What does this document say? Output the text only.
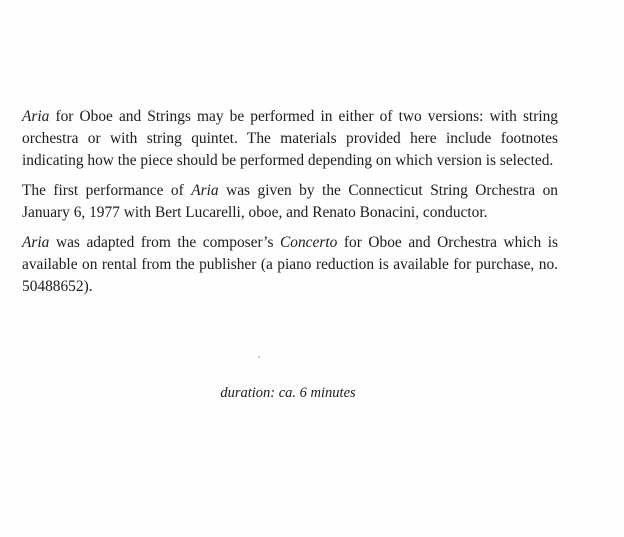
Aria for Oboe and Strings may be performed in either of two versions: with string orchestra or with string quintet. The materials provided here include footnotes indicating how the piece should be performed depending on which version is selected.

The first performance of Aria was given by the Connecticut String Orchestra on January 6, 1977 with Bert Lucarelli, oboe, and Renato Bonacini, conductor.

Aria was adapted from the composer’s Concerto for Oboe and Orchestra which is available on rental from the publisher (a piano reduction is available for purchase, no. 50488652).

duration: ca. 6 minutes
